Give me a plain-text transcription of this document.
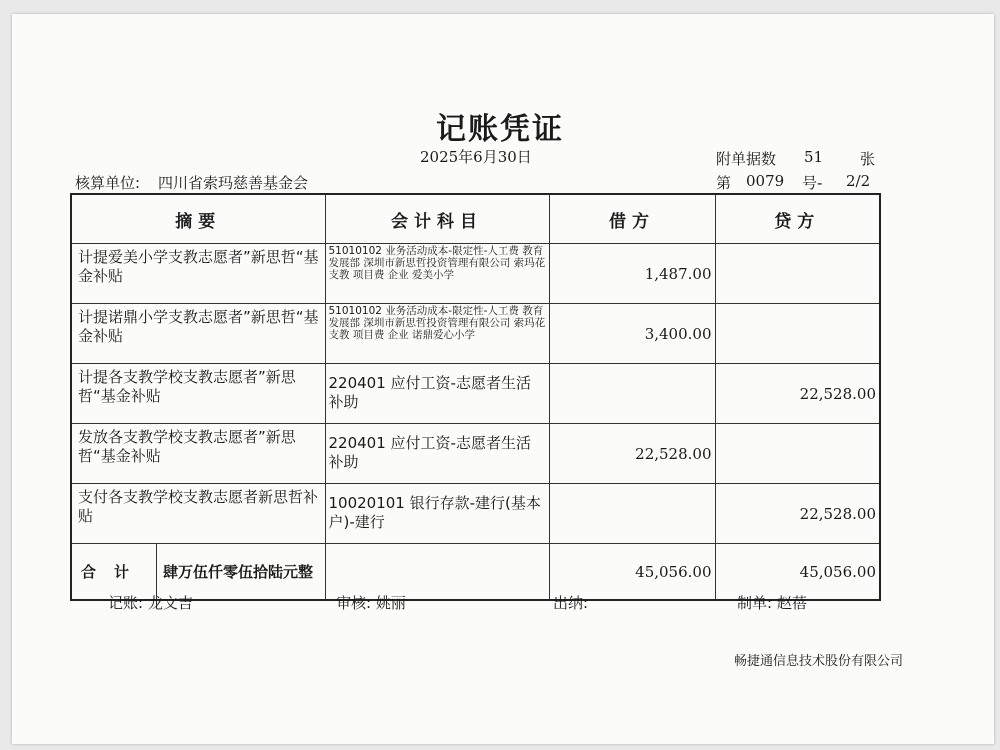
记账凭证
2025年6月30日	附单据数 51 张
核算单位: 四川省索玛慈善基金会	第 0079 号- 2/2
摘要	会计科目	借方	贷方
计提爱美小学支教志愿者”新思哲“基金补贴	51010102 业务活动成本-限定性-人工费 教育发展部 深圳市新思哲投资管理有限公司 索玛花支教 项目费 企业 爱美小学	1,487.00	
计提诺鼎小学支教志愿者”新思哲“基金补贴	51010102 业务活动成本-限定性-人工费 教育发展部 深圳市新思哲投资管理有限公司 索玛花支教 项目费 企业 诺鼎爱心小学	3,400.00	
计提各支教学校支教志愿者”新思哲“基金补贴	220401 应付工资-志愿者生活补助		22,528.00
发放各支教学校支教志愿者”新思哲“基金补贴	220401 应付工资-志愿者生活补助	22,528.00	
支付各支教学校支教志愿者新思哲补贴	10020101 银行存款-建行(基本户)-建行		22,528.00

合计 肆万伍仟零伍拾陆元整		45,056.00	45,056.00
记账: 龙文吉	审核: 姚丽	出纳:	制单: 赵蓓
畅捷通信息技术股份有限公司
